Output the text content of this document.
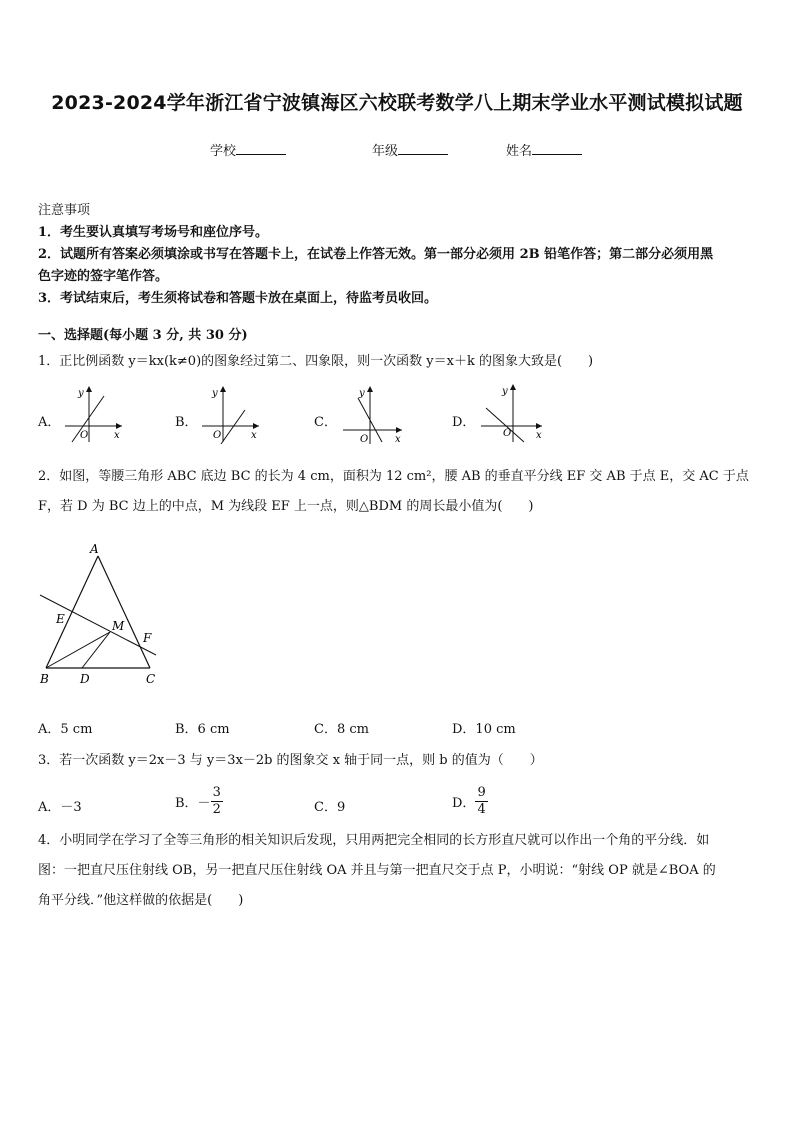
2023-2024学年浙江省宁波镇海区六校联考数学八上期末学业水平测试模拟试题
学校	年级	姓名
注意事项
1．考生要认真填写考场号和座位序号。
2．试题所有答案必须填涂或书写在答题卡上，在试卷上作答无效。第一部分必须用 2B 铅笔作答；第二部分必须用黑
色字迹的签字笔作答。
3．考试结束后，考生须将试卷和答题卡放在桌面上，待监考员收回。
一、选择题(每小题 3 分, 共 30 分)
1．正比例函数 y＝kx(k≠0)的图象经过第二、四象限，则一次函数 y＝x＋k 的图象大致是(　　)
A．
y
x
O
B．
y
x
O
C．
y
x
O
D．
y
x
O
2．如图，等腰三角形 ABC 底边 BC 的长为 4 cm，面积为 12 cm²，腰 AB 的垂直平分线 EF 交 AB 于点 E，交 AC 于点
F，若 D 为 BC 边上的中点，M 为线段 EF 上一点，则△BDM 的周长最小值为(　　)
A
E	M
F
B	D	C
A．5 cm	B．6 cm	C．8 cm	D．10 cm
3．若一次函数 y＝2x－3 与 y＝3x－2b 的图象交 x 轴于同一点，则 b 的值为（　　）
A．－3	B．－ $\frac{3}{2}$	C．9	D． $\frac{9}{4}$
4．小明同学在学习了全等三角形的相关知识后发现，只用两把完全相同的长方形直尺就可以作出一个角的平分线．如
图：一把直尺压住射线 OB，另一把直尺压住射线 OA 并且与第一把直尺交于点 P，小明说：“射线 OP 就是∠BOA 的
角平分线．”他这样做的依据是(　　)
